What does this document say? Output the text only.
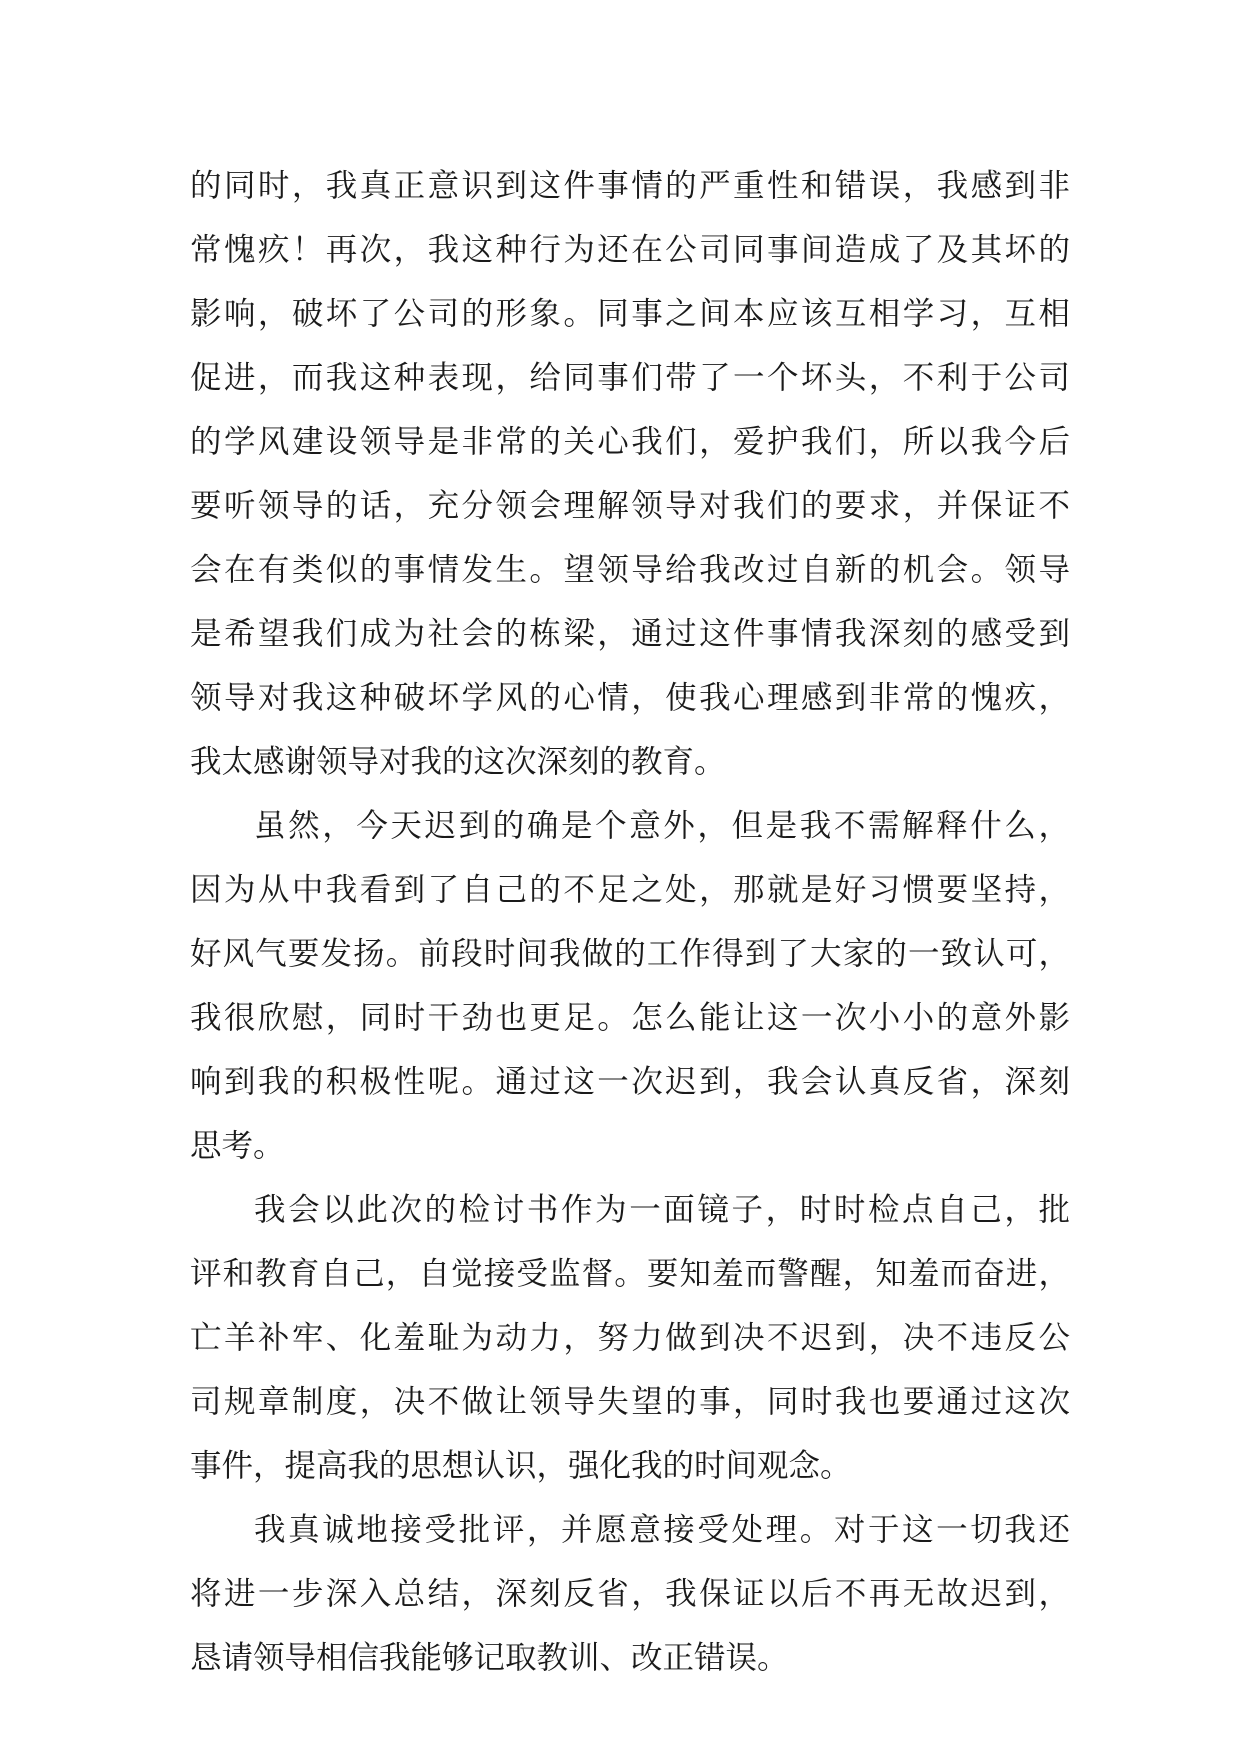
的同时，我真正意识到这件事情的严重性和错误，我感到非
常愧疚！再次，我这种行为还在公司同事间造成了及其坏的
影响，破坏了公司的形象。同事之间本应该互相学习，互相
促进，而我这种表现，给同事们带了一个坏头，不利于公司
的学风建设领导是非常的关心我们，爱护我们，所以我今后
要听领导的话，充分领会理解领导对我们的要求，并保证不
会在有类似的事情发生。望领导给我改过自新的机会。领导
是希望我们成为社会的栋梁，通过这件事情我深刻的感受到
领导对我这种破坏学风的心情，使我心理感到非常的愧疚，
我太感谢领导对我的这次深刻的教育。
虽然，今天迟到的确是个意外，但是我不需解释什么，
因为从中我看到了自己的不足之处，那就是好习惯要坚持，
好风气要发扬。前段时间我做的工作得到了大家的一致认可，
我很欣慰，同时干劲也更足。怎么能让这一次小小的意外影
响到我的积极性呢。通过这一次迟到，我会认真反省，深刻
思考。
我会以此次的检讨书作为一面镜子，时时检点自己，批
评和教育自己，自觉接受监督。要知羞而警醒，知羞而奋进，
亡羊补牢、化羞耻为动力，努力做到决不迟到，决不违反公
司规章制度，决不做让领导失望的事，同时我也要通过这次
事件，提高我的思想认识，强化我的时间观念。
我真诚地接受批评，并愿意接受处理。对于这一切我还
将进一步深入总结，深刻反省，我保证以后不再无故迟到，
恳请领导相信我能够记取教训、改正错误。
